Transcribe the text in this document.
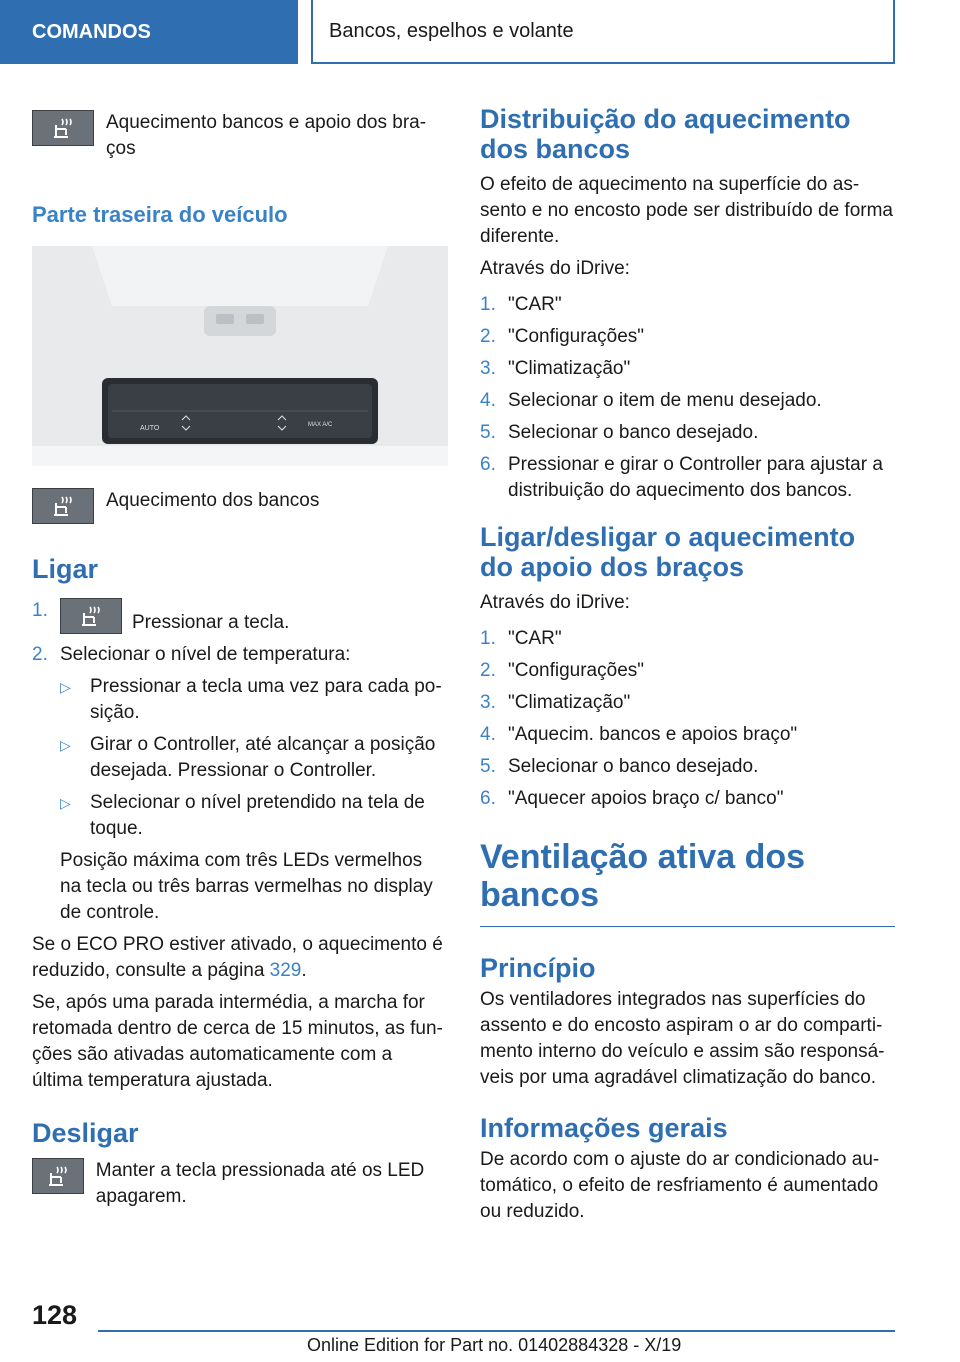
COMANDOS	Bancos, espelhos e volante

Aquecimento bancos e apoio dos bra-
ços

Parte traseira do veículo
AUTO	MAX A/C

Aquecimento dos bancos

Ligar
1.
Pressionar a tecla.
2. Selecionar o nível de temperatura:
▷	Pressionar a tecla uma vez para cada po-sição.
▷	Girar o Controller, até alcançar a posição desejada. Pressionar o Controller.
▷	Selecionar o nível pretendido na tela de toque.

Posição máxima com três LEDs vermelhos na tecla ou três barras vermelhas no display de controle.

Se o ECO PRO estiver ativado, o aquecimento é reduzido, consulte a página 329.

Se, após uma parada intermédia, a marcha for retomada dentro de cerca de 15 minutos, as fun-ções são ativadas automaticamente com a última temperatura ajustada.

Desligar

Manter a tecla pressionada até os LED apagarem.

Distribuição do aquecimento dos bancos

O efeito de aquecimento na superfície do as-sento e no encosto pode ser distribuído de forma diferente.

Através do iDrive:

1. "CAR"
2. "Configurações"
3. "Climatização"
4. Selecionar o item de menu desejado.
5. Selecionar o banco desejado.
6. Pressionar e girar o Controller para ajustar a distribuição do aquecimento dos bancos.
Ligar/desligar o aquecimento do apoio dos braços

Através do iDrive:

1. "CAR"
2. "Configurações"
3. "Climatização"
4. "Aquecim. bancos e apoios braço"
5. Selecionar o banco desejado.
6. "Aquecer apoios braço c/ banco"
Ventilação ativa dos bancos
Princípio

Os ventiladores integrados nas superfícies do assento e do encosto aspiram o ar do comparti-mento interno do veículo e assim são responsá-veis por uma agradável climatização do banco.

Informações gerais

De acordo com o ajuste do ar condicionado au-tomático, o efeito de resfriamento é aumentado ou reduzido.

128
Online Edition for Part no. 01402884328 - X/19
